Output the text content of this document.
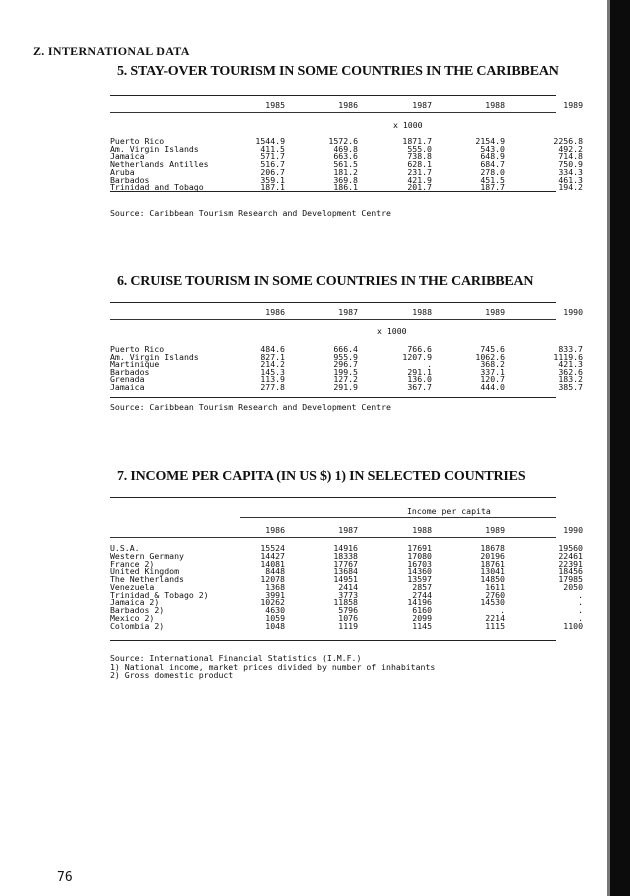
Z. INTERNATIONAL DATA
5. STAY-OVER TOURISM IN SOME COUNTRIES IN THE CARIBBEAN
1985	1986	1987	1988	1989
x 1000
Puerto Rico	1544.9	1572.6	1871.7	2154.9	2256.8
Am. Virgin Islands	411.5	469.8	555.0	543.0	492.2
Jamaica	571.7	663.6	738.8	648.9	714.8
Netherlands Antilles	516.7	561.5	628.1	684.7	750.9
Aruba	206.7	181.2	231.7	278.0	334.3
Barbados	359.1	369.8	421.9	451.5	461.3
Trinidad and Tobago	187.1	186.1	201.7	187.7	194.2
Source: Caribbean Tourism Research and Development Centre
6. CRUISE TOURISM IN SOME COUNTRIES IN THE CARIBBEAN
1986	1987	1988	1989	1990
x 1000
Puerto Rico	484.6	666.4	766.6	745.6	833.7
Am. Virgin Islands	827.1	955.9	1207.9	1062.6	1119.6
Martinique	214.2	296.7	.	368.2	421.3
Barbados	145.3	199.5	291.1	337.1	362.6
Grenada	113.9	127.2	136.0	120.7	183.2
Jamaica	277.8	291.9	367.7	444.0	385.7
Source: Caribbean Tourism Research and Development Centre
7. INCOME PER CAPITA (IN US $) 1) IN SELECTED COUNTRIES
Income per capita
1986	1987	1988	1989	1990
U.S.A.	15524	14916	17691	18678	19560
Western Germany	14427	18338	17080	20196	22461
France 2)	14081	17767	16703	18761	22391
United Kingdom	8448	13684	14360	13041	18456
The Netherlands	12078	14951	13597	14850	17985
Venezuela	1368	2414	2857	1611	2050
Trinidad & Tobago 2)	3991	3773	2744	2760	.
Jamaica 2)	10262	11858	14196	14530	.
Barbados 2)	4630	5796	6160	.	.
Mexico 2)	1059	1076	2099	2214	.
Colombia 2)	1048	1119	1145	1115	1100
Source: International Financial Statistics (I.M.F.)
1) National income, market prices divided by number of inhabitants
2) Gross domestic product
76
